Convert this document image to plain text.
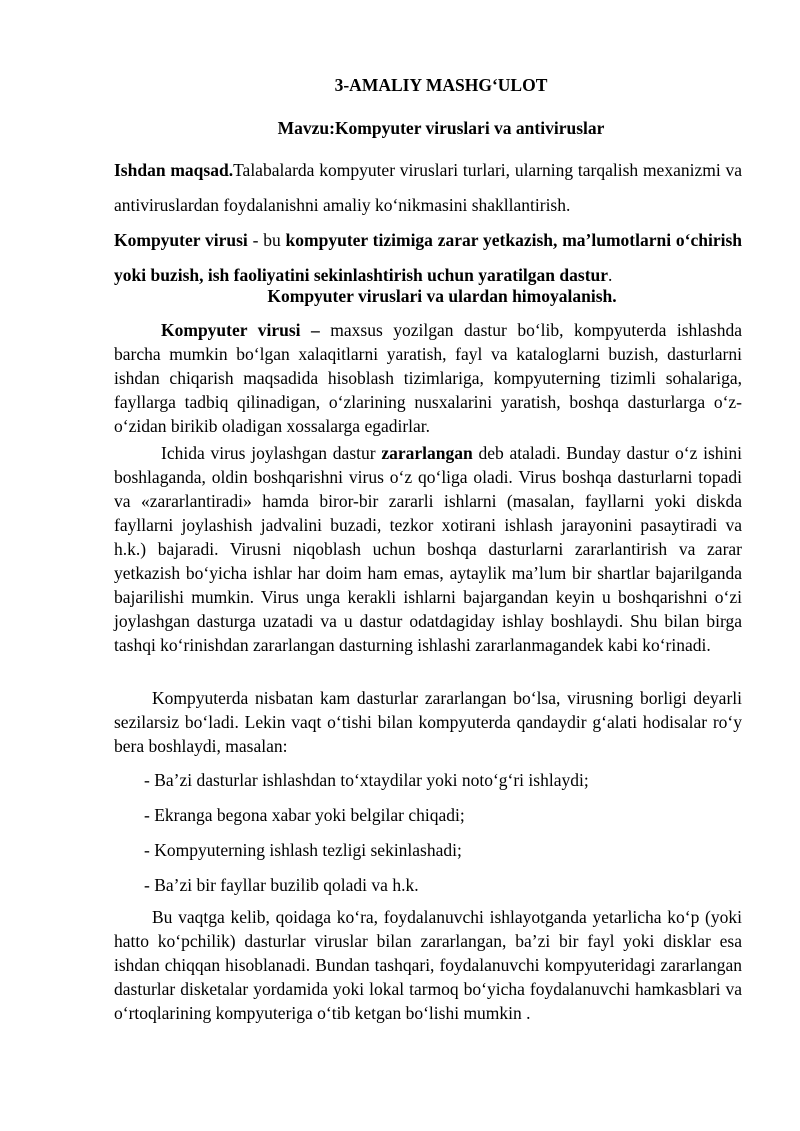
3-AMALIY MASHG‘ULOT
Mavzu:Kompyuter viruslari va antiviruslar

Ishdan maqsad.Talabalarda kompyuter viruslari turlari, ularning tarqalish mexanizmi va antiviruslardan foydalanishni amaliy ko‘nikmasini shakllantirish.

Kompyuter virusi - bu kompyuter tizimiga zarar yetkazish, ma’lumotlarni o‘chirish yoki buzish, ish faoliyatini sekinlashtirish uchun yaratilgan dastur.

Kompyuter viruslari va ulardan himoyalanish.

Kompyuter virusi – maxsus yozilgan dastur bo‘lib, kompyuterda ishlashda barcha mumkin bo‘lgan xalaqitlarni yaratish, fayl va kataloglarni buzish, dasturlarni ishdan chiqarish maqsadida hisoblash tizimlariga, kompyuterning tizimli sohalariga, fayllarga tadbiq qilinadigan, o‘zlarining nusxalarini yaratish, boshqa dasturlarga o‘z-o‘zidan birikib oladigan xossalarga egadirlar.

Ichida virus joylashgan dastur zararlangan deb ataladi. Bunday dastur o‘z ishini boshlaganda, oldin boshqarishni virus o‘z qo‘liga oladi. Virus boshqa dasturlarni topadi va «zararlantiradi» hamda biror-bir zararli ishlarni (masalan, fayllarni yoki diskda fayllarni joylashish jadvalini buzadi, tezkor xotirani ishlash jarayonini pasaytiradi va h.k.) bajaradi. Virusni niqoblash uchun boshqa dasturlarni zararlantirish va zarar yetkazish bo‘yicha ishlar har doim ham emas, aytaylik ma’lum bir shartlar bajarilganda bajarilishi mumkin. Virus unga kerakli ishlarni bajargandan keyin u boshqarishni o‘zi joylashgan dasturga uzatadi va u dastur odatdagiday ishlay boshlaydi. Shu bilan birga tashqi ko‘rinishdan zararlangan dasturning ishlashi zararlanmagandek kabi ko‘rinadi.

Kompyuterda nisbatan kam dasturlar zararlangan bo‘lsa, virusning borligi deyarli sezilarsiz bo‘ladi. Lekin vaqt o‘tishi bilan kompyuterda qandaydir g‘alati hodisalar ro‘y bera boshlaydi, masalan:

- Ba’zi dasturlar ishlashdan to‘xtaydilar yoki noto‘g‘ri ishlaydi;
- Ekranga begona xabar yoki belgilar chiqadi;
- Kompyuterning ishlash tezligi sekinlashadi;
- Ba’zi bir fayllar buzilib qoladi va h.k.

Bu vaqtga kelib, qoidaga ko‘ra, foydalanuvchi ishlayotganda yetarlicha ko‘p (yoki hatto ko‘pchilik) dasturlar viruslar bilan zararlangan, ba’zi bir fayl yoki disklar esa ishdan chiqqan hisoblanadi. Bundan tashqari, foydalanuvchi kompyuteridagi zararlangan dasturlar disketalar yordamida yoki lokal tarmoq bo‘yicha foydalanuvchi hamkasblari va o‘rtoqlarining kompyuteriga o‘tib ketgan bo‘lishi mumkin .
